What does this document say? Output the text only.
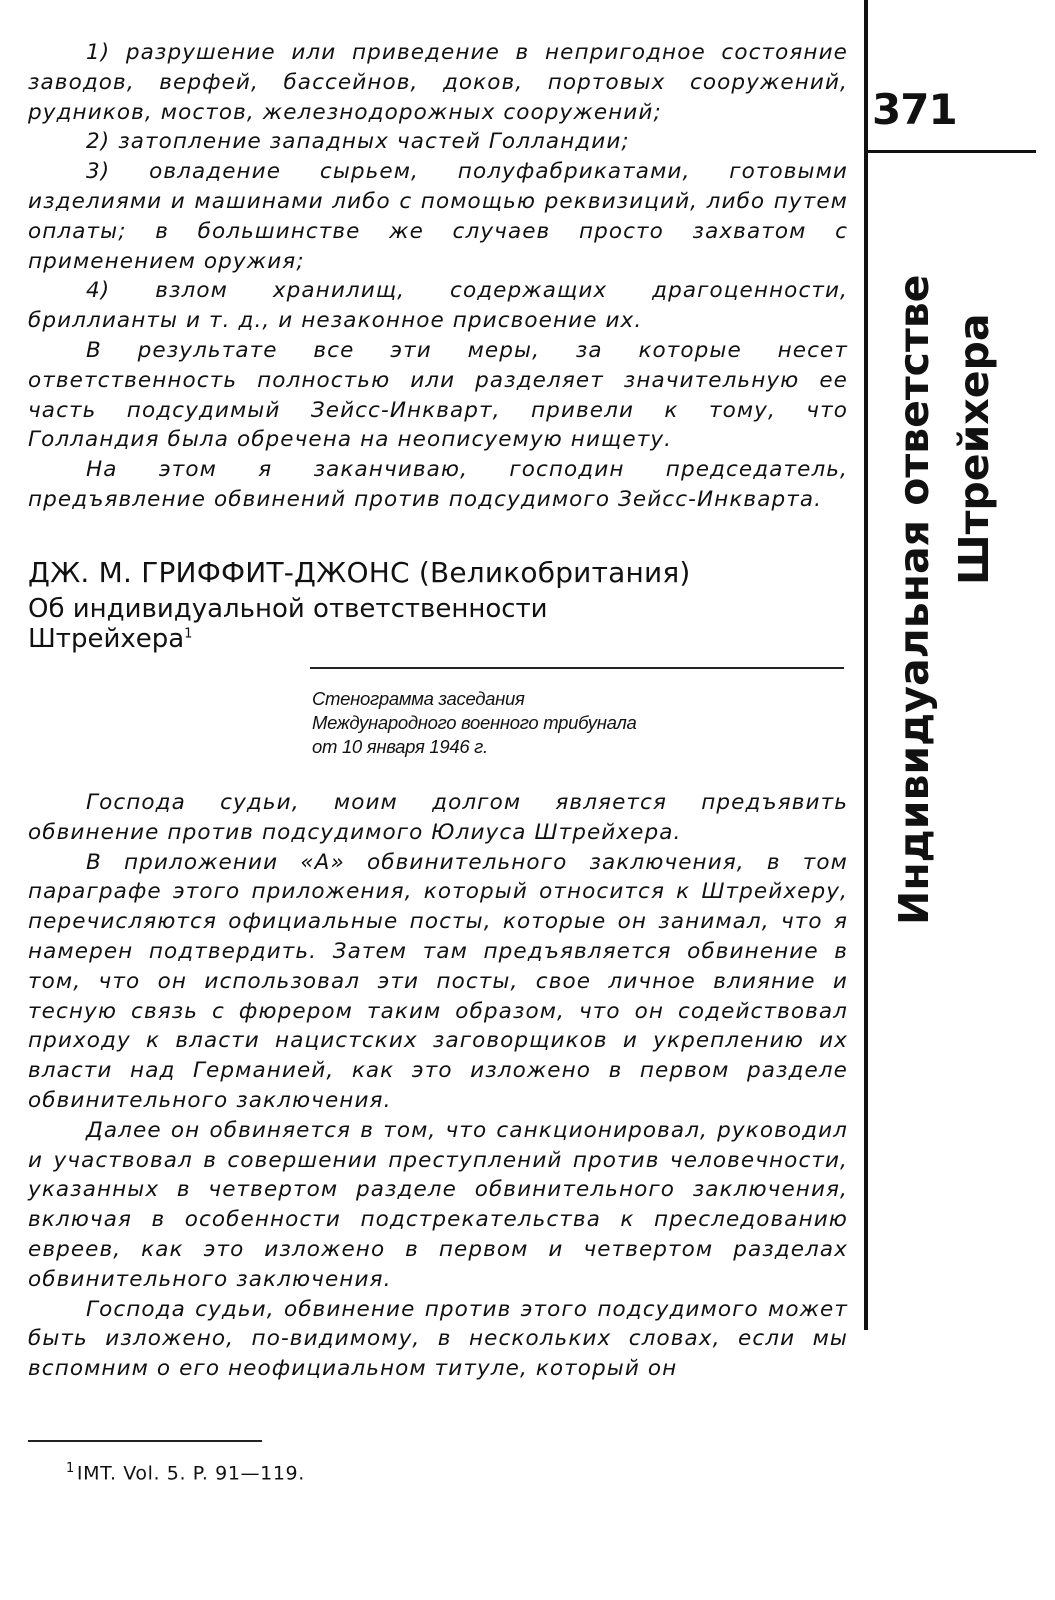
1) разрушение или приведение в непригодное состояние заводов, верфей, бассейнов, доков, портовых сооружений, рудников, мостов, железнодорожных сооружений;

2) затопление западных частей Голландии;

3) овладение сырьем, полуфабрикатами, готовыми изделиями и машинами либо с помощью реквизиций, либо путем оплаты; в большинстве же случаев просто захватом с применением оружия;

4) взлом хранилищ, содержащих драгоценности, бриллианты и т. д., и незаконное присвоение их.

В результате все эти меры, за которые несет ответственность полностью или разделяет значительную ее часть подсудимый Зейсс-Инкварт, привели к тому, что Голландия была обречена на неописуемую нищету.

На этом я заканчиваю, господин председатель, предъявление обвинений против подсудимого Зейсс-Инкварта.

ДЖ. М. ГРИФФИТ-ДЖОНС (Великобритания)
Об индивидуальной ответственности
Штрейхера$^1$
Стенограмма заседания
Международного военного трибунала
от 10 января 1946 г.

Господа судьи, моим долгом является предъявить обвинение против подсудимого Юлиуса Штрейхера.

В приложении «А» обвинительного заключения, в том параграфе этого приложения, который относится к Штрейхеру, перечисляются официальные посты, которые он занимал, что я намерен подтвердить. Затем там предъявляется обвинение в том, что он использовал эти посты, свое личное влияние и тесную связь с фюрером таким образом, что он содействовал приходу к власти нацистских заговорщиков и укреплению их власти над Германией, как это изложено в первом разделе обвинительного заключения.

Далее он обвиняется в том, что санкционировал, руководил и участвовал в совершении преступлений против человечности, указанных в четвертом разделе обвинительного заключения, включая в особенности подстрекательства к преследованию евреев, как это изложено в первом и четвертом разделах обвинительного заключения.

Господа судьи, обвинение против этого подсудимого может быть изложено, по-видимому, в нескольких словах, если мы вспомним о его неофициальном титуле, который он

$^1$ IMT. Vol. 5. P. 91—119.
371
Индивидуальная ответстве Штрейхера
